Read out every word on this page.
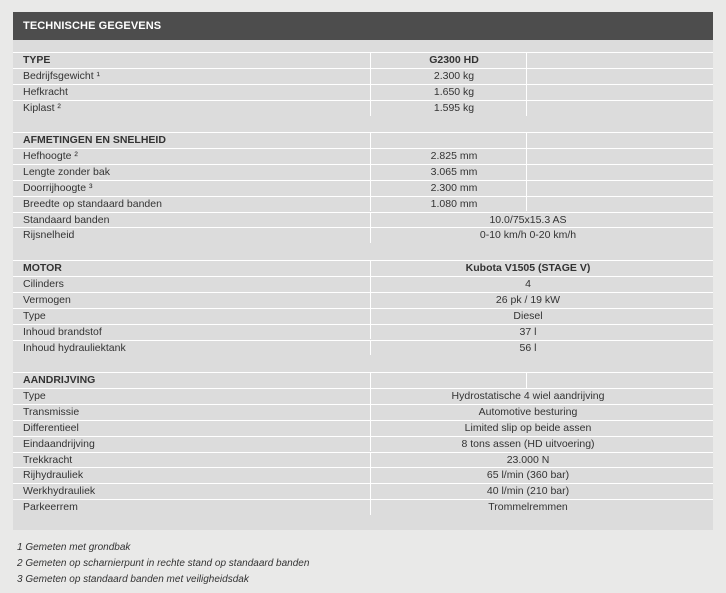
TECHNISCHE GEGEVENS
TYPE	G2300 HD
Bedrijfsgewicht ¹	2.300 kg
Hefkracht	1.650 kg
Kiplast ²	1.595 kg
AFMETINGEN EN SNELHEID
Hefhoogte ²	2.825 mm
Lengte zonder bak	3.065 mm
Doorrijhoogte ³	2.300 mm
Breedte op standaard banden	1.080 mm
Standaard banden	10.0/75x15.3 AS
Rijsnelheid	0-10 km/h 0-20 km/h
MOTOR	Kubota V1505 (STAGE V)
Cilinders	4
Vermogen	26 pk / 19 kW
Type	Diesel
Inhoud brandstof	37 l
Inhoud hydrauliektank	56 l
AANDRIJVING
Type	Hydrostatische 4 wiel aandrijving
Transmissie	Automotive besturing
Differentieel	Limited slip op beide assen
Eindaandrijving	8 tons assen (HD uitvoering)
Trekkracht	23.000 N
Rijhydrauliek	65 l/min (360 bar)
Werkhydrauliek	40 l/min (210 bar)
Parkeerrem	Trommelremmen
1 Gemeten met grondbak
2 Gemeten op scharnierpunt in rechte stand op standaard banden
3 Gemeten op standaard banden met veiligheidsdak
